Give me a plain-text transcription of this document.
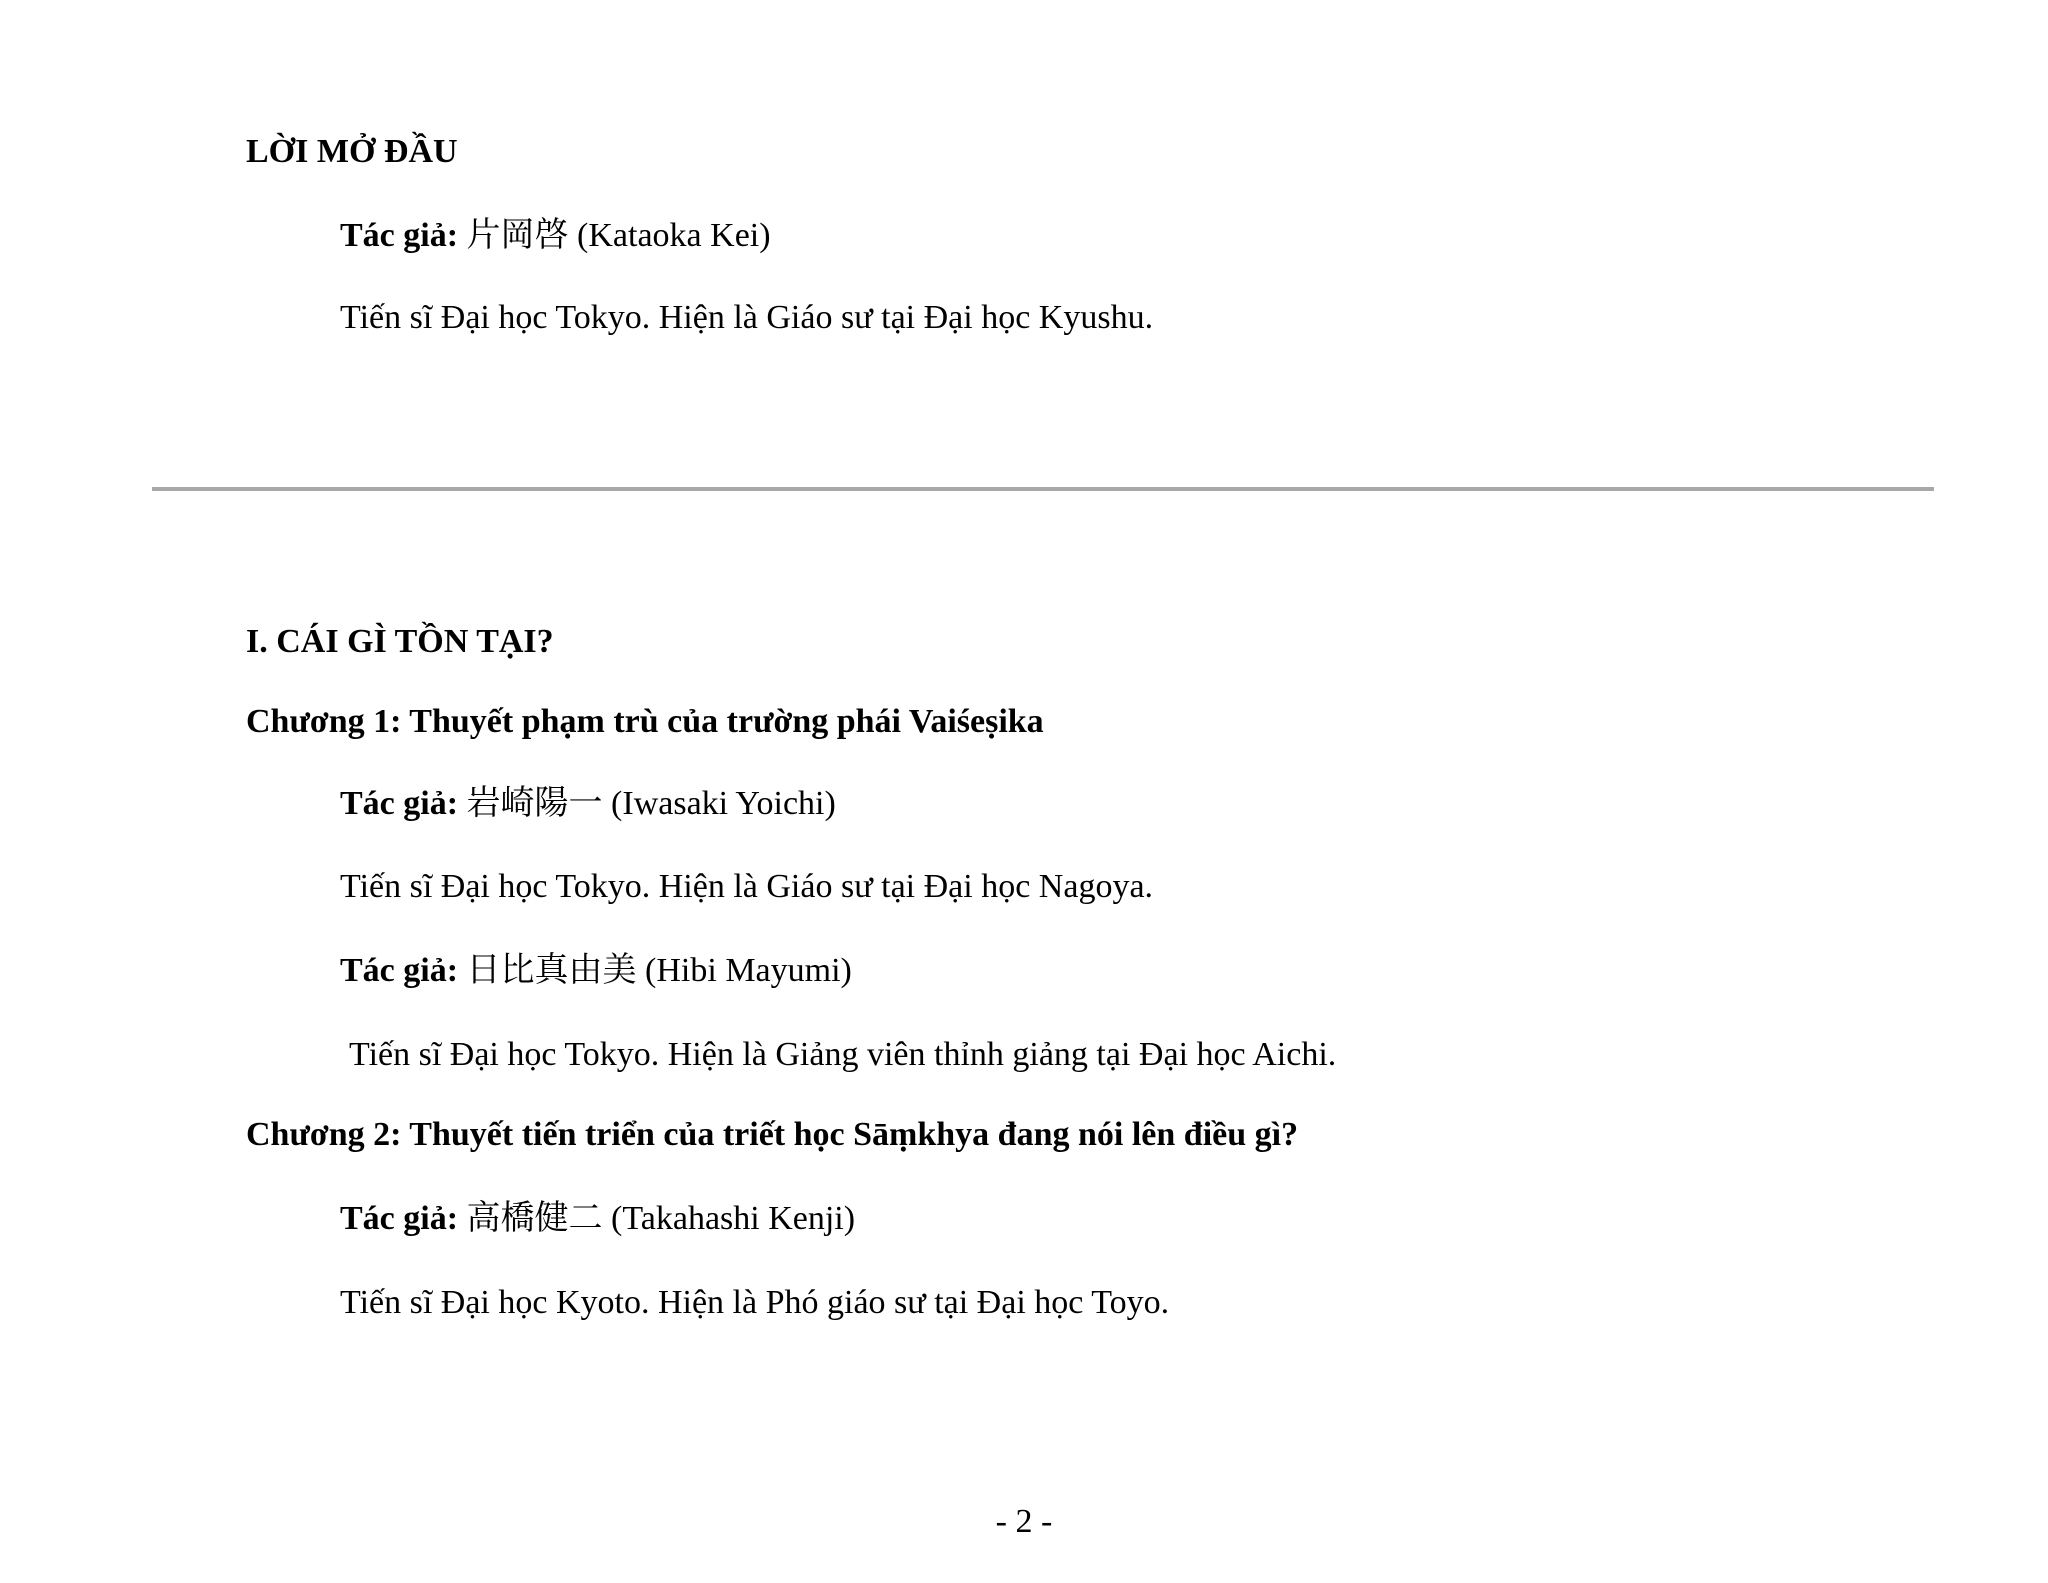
LỜI MỞ ĐẦU
Tác giả: 片岡啓 (Kataoka Kei)
Tiến sĩ Đại học Tokyo. Hiện là Giáo sư tại Đại học Kyushu.
I. CÁI GÌ TỒN TẠI?
Chương 1: Thuyết phạm trù của trường phái Vaiśeṣika
Tác giả: 岩崎陽一 (Iwasaki Yoichi)
Tiến sĩ Đại học Tokyo. Hiện là Giáo sư tại Đại học Nagoya.
Tác giả: 日比真由美 (Hibi Mayumi)
Tiến sĩ Đại học Tokyo. Hiện là Giảng viên thỉnh giảng tại Đại học Aichi.
Chương 2: Thuyết tiến triển của triết học Sāṃkhya đang nói lên điều gì?
Tác giả: 高橋健二 (Takahashi Kenji)
Tiến sĩ Đại học Kyoto. Hiện là Phó giáo sư tại Đại học Toyo.
- 2 -
